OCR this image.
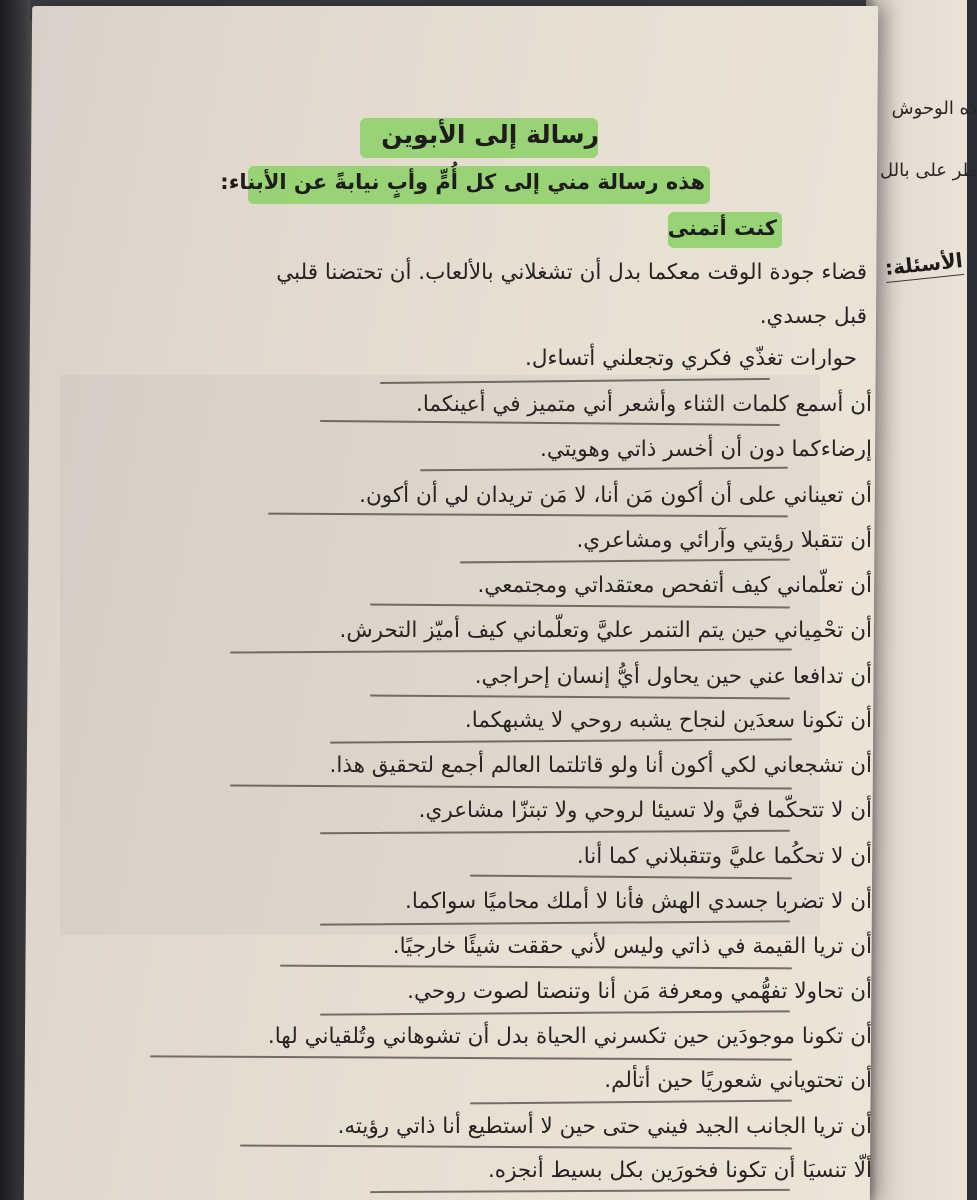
ذه الوحوش
طر على بالل
الأسئلة:
رسالة إلى الأبوين
هذه رسالة مني إلى كل أُمٍّ وأبٍ نيابةً عن الأبناء:
كنت أتمنى
قضاء جودة الوقت معكما بدل أن تشغلاني بالألعاب. أن تحتضنا قلبي
قبل جسدي.
حوارات تغذّي فكري وتجعلني أتساءل.
أن أسمع كلمات الثناء وأشعر أني متميز في أعينكما.
إرضاءكما دون أن أخسر ذاتي وهويتي.
أن تعيناني على أن أكون مَن أنا، لا مَن تريدان لي أن أكون.
أن تتقبلا رؤيتي وآرائي ومشاعري.
أن تعلّماني كيف أتفحص معتقداتي ومجتمعي.
أن تحْمِياني حين يتم التنمر عليَّ وتعلّماني كيف أميّز التحرش.
أن تدافعا عني حين يحاول أيُّ إنسان إحراجي.
أن تكونا سعدَين لنجاح يشبه روحي لا يشبهكما.
أن تشجعاني لكي أكون أنا ولو قاتلتما العالم أجمع لتحقيق هذا.
أن لا تتحكّما فيَّ ولا تسيئا لروحي ولا تبتزّا مشاعري.
أن لا تحكُما عليَّ وتتقبلاني كما أنا.
أن لا تضربا جسدي الهش فأنا لا أملك محاميًا سواكما.
أن تريا القيمة في ذاتي وليس لأني حققت شيئًا خارجيًا.
أن تحاولا تفهُّمي ومعرفة مَن أنا وتنصتا لصوت روحي.
أن تكونا موجودَين حين تكسرني الحياة بدل أن تشوهاني وتُلقياني لها.
أن تحتوياني شعوريًا حين أتألم.
أن تريا الجانب الجيد فيني حتى حين لا أستطيع أنا ذاتي رؤيته.
ألّا تنسيَا أن تكونا فخورَين بكل بسيط أنجزه.
